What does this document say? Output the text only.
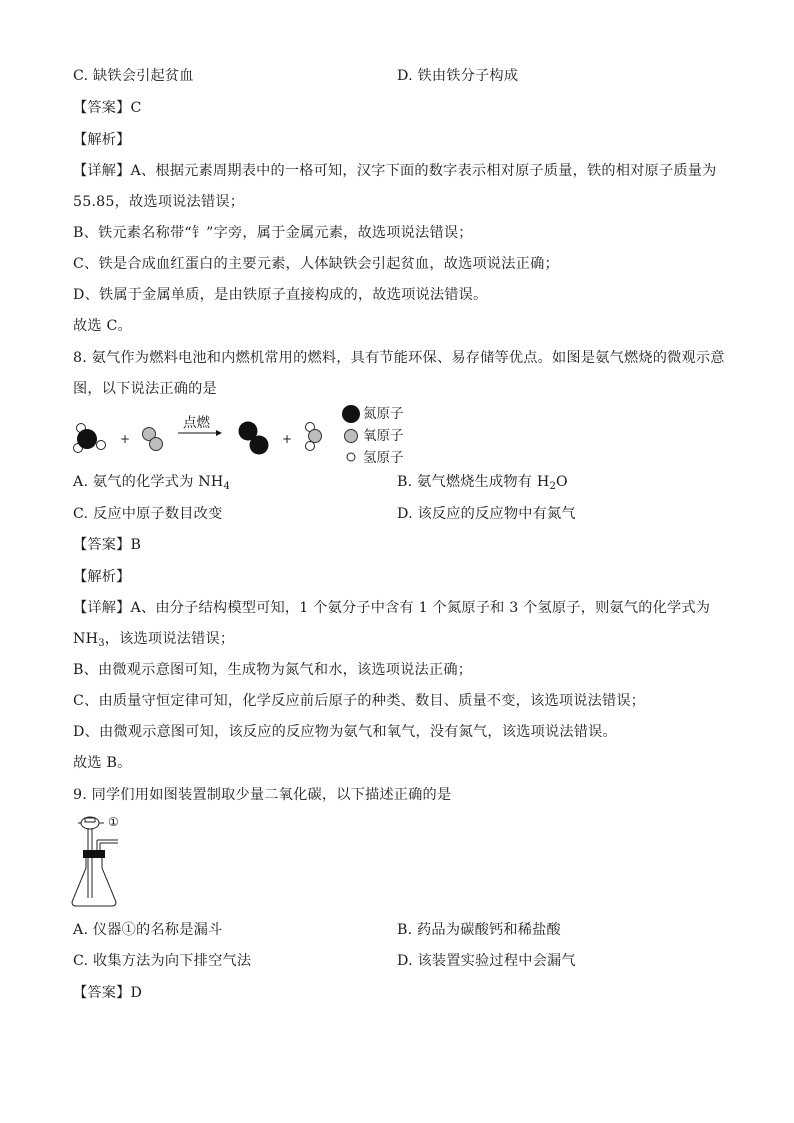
C. 缺铁会引起贫血	D. 铁由铁分子构成
【答案】C
【解析】
【详解】A、根据元素周期表中的一格可知，汉字下面的数字表示相对原子质量，铁的相对原子质量为
55.85，故选项说法错误；
B、铁元素名称带“钅”字旁，属于金属元素，故选项说法错误；
C、铁是合成血红蛋白的主要元素，人体缺铁会引起贫血，故选项说法正确；
D、铁属于金属单质，是由铁原子直接构成的，故选项说法错误。
故选 C。
8. 氨气作为燃料电池和内燃机常用的燃料，具有节能环保、易存储等优点。如图是氨气燃烧的微观示意
图，以下说法正确的是
+
点燃
+
氮原子
氧原子
氢原子
A. 氨气的化学式为 $NH_4$	B. 氨气燃烧生成物有 $H_2O$
C. 反应中原子数目改变	D. 该反应的反应物中有氮气
【答案】B
【解析】
【详解】A、由分子结构模型可知，1 个氨分子中含有 1 个氮原子和 3 个氢原子，则氨气的化学式为
$NH_3$，该选项说法错误；
B、由微观示意图可知，生成物为氮气和水，该选项说法正确；
C、由质量守恒定律可知，化学反应前后原子的种类、数目、质量不变，该选项说法错误；
D、由微观示意图可知，该反应的反应物为氨气和氧气，没有氮气，该选项说法错误。
故选 B。
9. 同学们用如图装置制取少量二氧化碳，以下描述正确的是
①
A. 仪器①的名称是漏斗	B. 药品为碳酸钙和稀盐酸
C. 收集方法为向下排空气法	D. 该装置实验过程中会漏气
【答案】D
